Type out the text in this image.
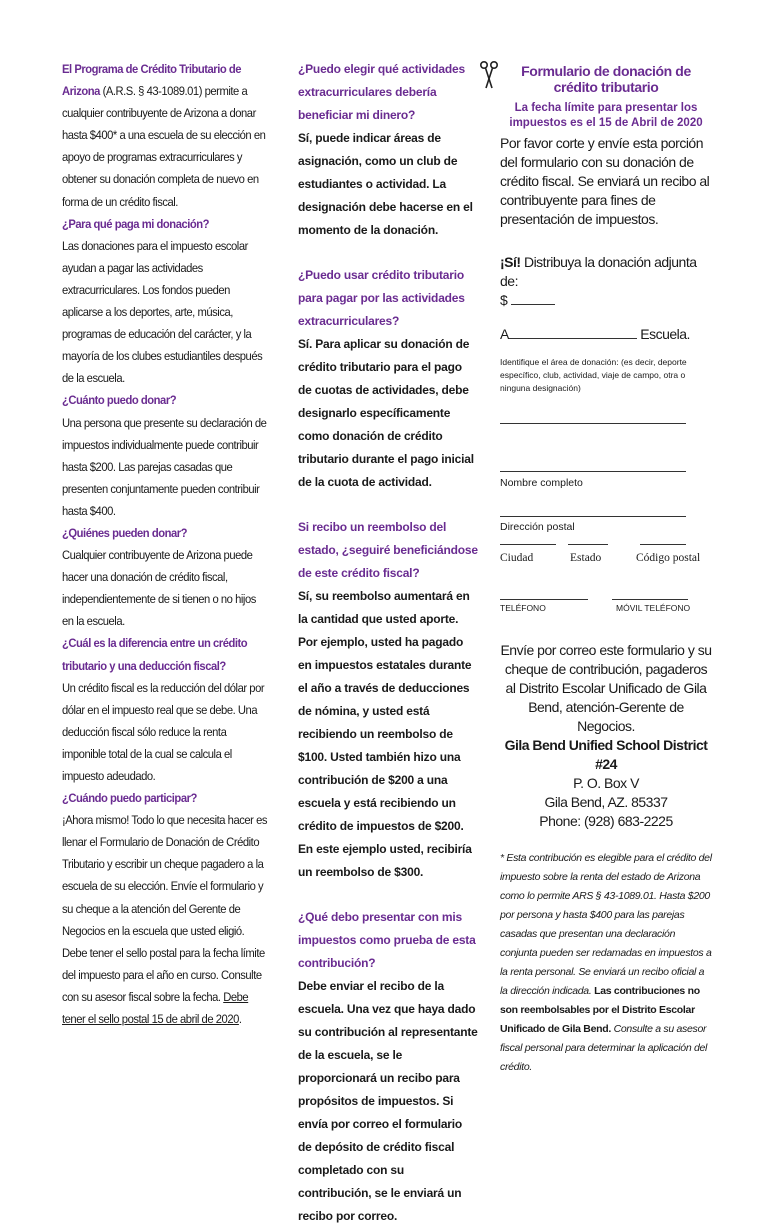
El Programa de Crédito Tributario de Arizona (A.R.S. § 43-1089.01) permite a cualquier contribuyente de Arizona a donar hasta $400* a una escuela de su elección en apoyo de programas extracurriculares y obtener su donación completa de nuevo en forma de un crédito fiscal.

¿Para qué paga mi donación?

Las donaciones para el impuesto escolar ayudan a pagar las actividades extracurriculares. Los fondos pueden aplicarse a los deportes, arte, música, programas de educación del carácter, y la mayoría de los clubes estudiantiles después de la escuela.

¿Cuánto puedo donar?

Una persona que presente su declaración de impuestos individualmente puede contribuir hasta $200. Las parejas casadas que presenten conjuntamente pueden contribuir hasta $400.

¿Quiénes pueden donar?

Cualquier contribuyente de Arizona puede hacer una donación de crédito fiscal, independientemente de si tienen o no hijos en la escuela.

¿Cuál es la diferencia entre un crédito tributario y una deducción fiscal?

Un crédito fiscal es la reducción del dólar por dólar en el impuesto real que se debe. Una deducción fiscal sólo reduce la renta imponible total de la cual se calcula el impuesto adeudado.

¿Cuándo puedo participar?

¡Ahora mismo! Todo lo que necesita hacer es llenar el Formulario de Donación de Crédito Tributario y escribir un cheque pagadero a la escuela de su elección. Envíe el formulario y su cheque a la atención del Gerente de Negocios en la escuela que usted eligió. Debe tener el sello postal para la fecha límite del impuesto para el año en curso. Consulte con su asesor fiscal sobre la fecha. Debe tener el sello postal 15 de abril de 2020.

¿Puedo elegir qué actividades extracurriculares debería beneficiar mi dinero?

Sí, puede indicar áreas de asignación, como un club de estudiantes o actividad. La designación debe hacerse en el momento de la donación.

¿Puedo usar crédito tributario para pagar por las actividades extracurriculares?

Sí. Para aplicar su donación de crédito tributario para el pago de cuotas de actividades, debe designarlo específicamente como donación de crédito tributario durante el pago inicial de la cuota de actividad.

Si recibo un reembolso del estado, ¿seguiré beneficiándose de este crédito fiscal?

Sí, su reembolso aumentará en la cantidad que usted aporte. Por ejemplo, usted ha pagado en impuestos estatales durante el año a través de deducciones de nómina, y usted está recibiendo un reembolso de $100. Usted también hizo una contribución de $200 a una escuela y está recibiendo un crédito de impuestos de $200. En este ejemplo usted, recibiría un reembolso de $300.

¿Qué debo presentar con mis impuestos como prueba de esta contribución?

Debe enviar el recibo de la escuela. Una vez que haya dado su contribución al representante de la escuela, se le proporcionará un recibo para propósitos de impuestos. Si envía por correo el formulario de depósito de crédito fiscal completado con su contribución, se le enviará un recibo por correo.

Formulario de donación de crédito tributario
La fecha límite para presentar los impuestos es el 15 de Abril de 2020
Por favor corte y envíe esta porción del formulario con su donación de crédito fiscal. Se enviará un recibo al contribuyente para fines de presentación de impuestos.
¡Sí! Distribuya la donación adjunta de:
$
A	Escuela.
Identifique el área de donación: (es decir, deporte específico, club, actividad, viaje de campo, otra o ninguna designación)
Nombre completo
Dirección postal
Ciudad	Estado	Código postal
TELÉFONO	MÓVIL TELÉFONO
Envíe por correo este formulario y su cheque de contribución, pagaderos al Distrito Escolar Unificado de Gila Bend, atención-Gerente de Negocios.
Gila Bend Unified School District #24
P. O. Box V
Gila Bend, AZ. 85337
Phone: (928) 683-2225
* Esta contribución es elegible para el crédito del impuesto sobre la renta del estado de Arizona como lo permite ARS § 43-1089.01. Hasta $200 por persona y hasta $400 para las parejas casadas que presentan una declaración conjunta pueden ser redamadas en impuestos a la renta personal. Se enviará un recibo oficial a la dirección indicada. Las contribuciones no son reembolsables por el Distrito Escolar Unificado de Gila Bend. Consulte a su asesor fiscal personal para determinar la aplicación del crédito.
